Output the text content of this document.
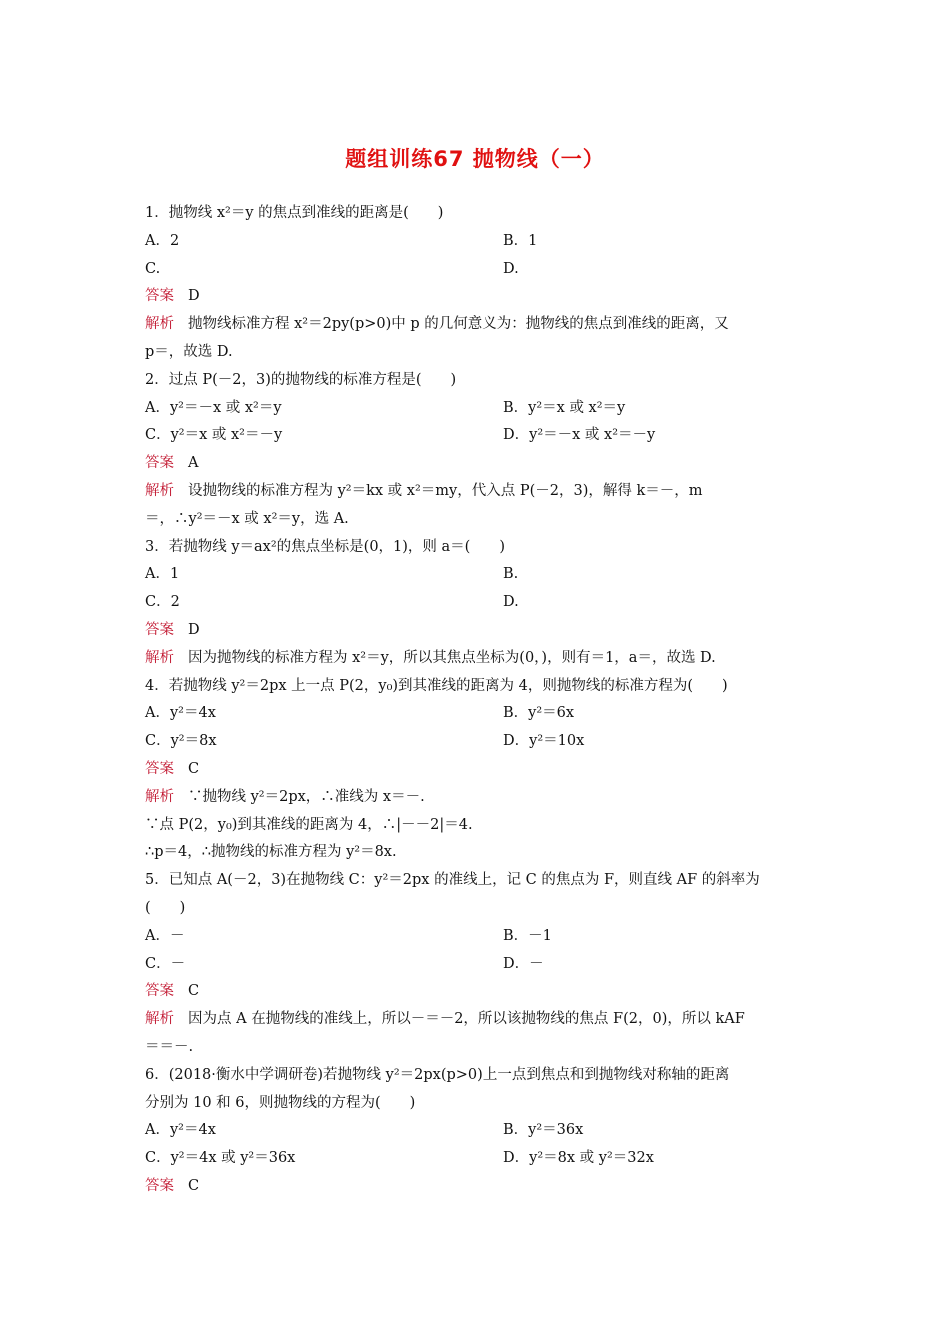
题组训练67 抛物线（一）
1．抛物线 x²＝y 的焦点到准线的距离是(　　)
A．2	B．1
C.	D.
答案 D
解析 抛物线标准方程 x²＝2py(p>0)中 p 的几何意义为：抛物线的焦点到准线的距离，又
p＝，故选 D.
2．过点 P(－2，3)的抛物线的标准方程是(　　)
A．y²＝－x 或 x²＝y	B．y²＝x 或 x²＝y
C．y²＝x 或 x²＝－y	D．y²＝－x 或 x²＝－y
答案 A
解析 设抛物线的标准方程为 y²＝kx 或 x²＝my，代入点 P(－2，3)，解得 k＝－，m
＝，∴y²＝－x 或 x²＝y，选 A.
3．若抛物线 y＝ax²的焦点坐标是(0，1)，则 a＝(　　)
A．1	B.
C．2	D.
答案 D
解析 因为抛物线的标准方程为 x²＝y，所以其焦点坐标为(0，)，则有＝1，a＝，故选 D.
4．若抛物线 y²＝2px 上一点 P(2，y₀)到其准线的距离为 4，则抛物线的标准方程为(　　)
A．y²＝4x	B．y²＝6x
C．y²＝8x	D．y²＝10x
答案 C
解析 ∵抛物线 y²＝2px，∴准线为 x＝－.
∵点 P(2，y₀)到其准线的距离为 4，∴|－－2|＝4.
∴p＝4，∴抛物线的标准方程为 y²＝8x.
5．已知点 A(－2，3)在抛物线 C：y²＝2px 的准线上，记 C 的焦点为 F，则直线 AF 的斜率为
(　　)
A．－	B．－1
C．－	D．－
答案 C
解析 因为点 A 在抛物线的准线上，所以－＝－2，所以该抛物线的焦点 F(2，0)，所以 kAF
＝＝－.
6．(2018·衡水中学调研卷)若抛物线 y²＝2px(p>0)上一点到焦点和到抛物线对称轴的距离
分别为 10 和 6，则抛物线的方程为(　　)
A．y²＝4x	B．y²＝36x
C．y²＝4x 或 y²＝36x	D．y²＝8x 或 y²＝32x
答案 C
